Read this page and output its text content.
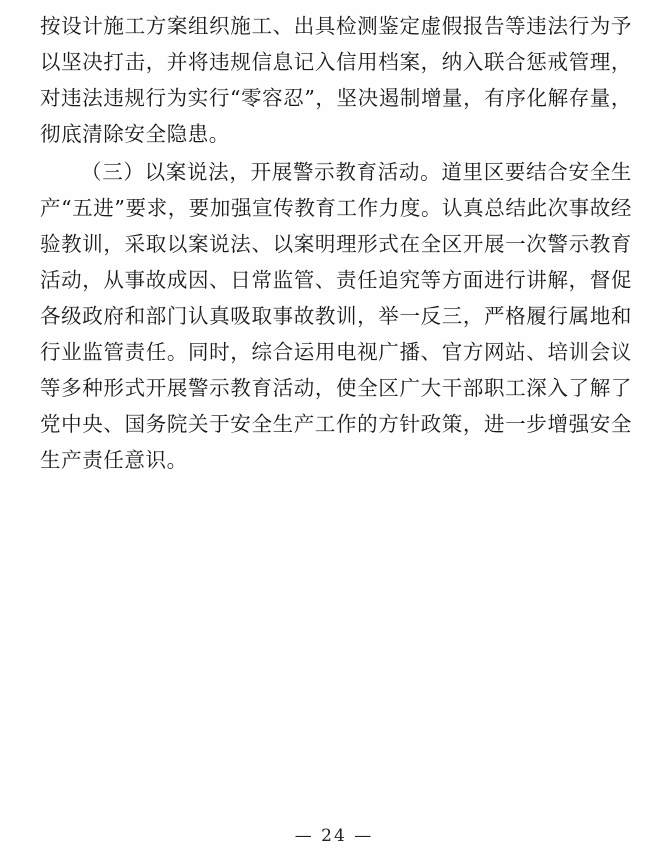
按设计施工方案组织施工、出具检测鉴定虚假报告等违法行为予以坚决打击，并将违规信息记入信用档案，纳入联合惩戒管理，对违法违规行为实行“零容忍”，坚决遏制增量，有序化解存量，彻底清除安全隐患。

（三）以案说法，开展警示教育活动。道里区要结合安全生产“五进”要求，要加强宣传教育工作力度。认真总结此次事故经验教训，采取以案说法、以案明理形式在全区开展一次警示教育活动，从事故成因、日常监管、责任追究等方面进行讲解，督促各级政府和部门认真吸取事故教训，举一反三，严格履行属地和行业监管责任。同时，综合运用电视广播、官方网站、培训会议等多种形式开展警示教育活动，使全区广大干部职工深入了解了党中央、国务院关于安全生产工作的方针政策，进一步增强安全生产责任意识。

— 24 —
